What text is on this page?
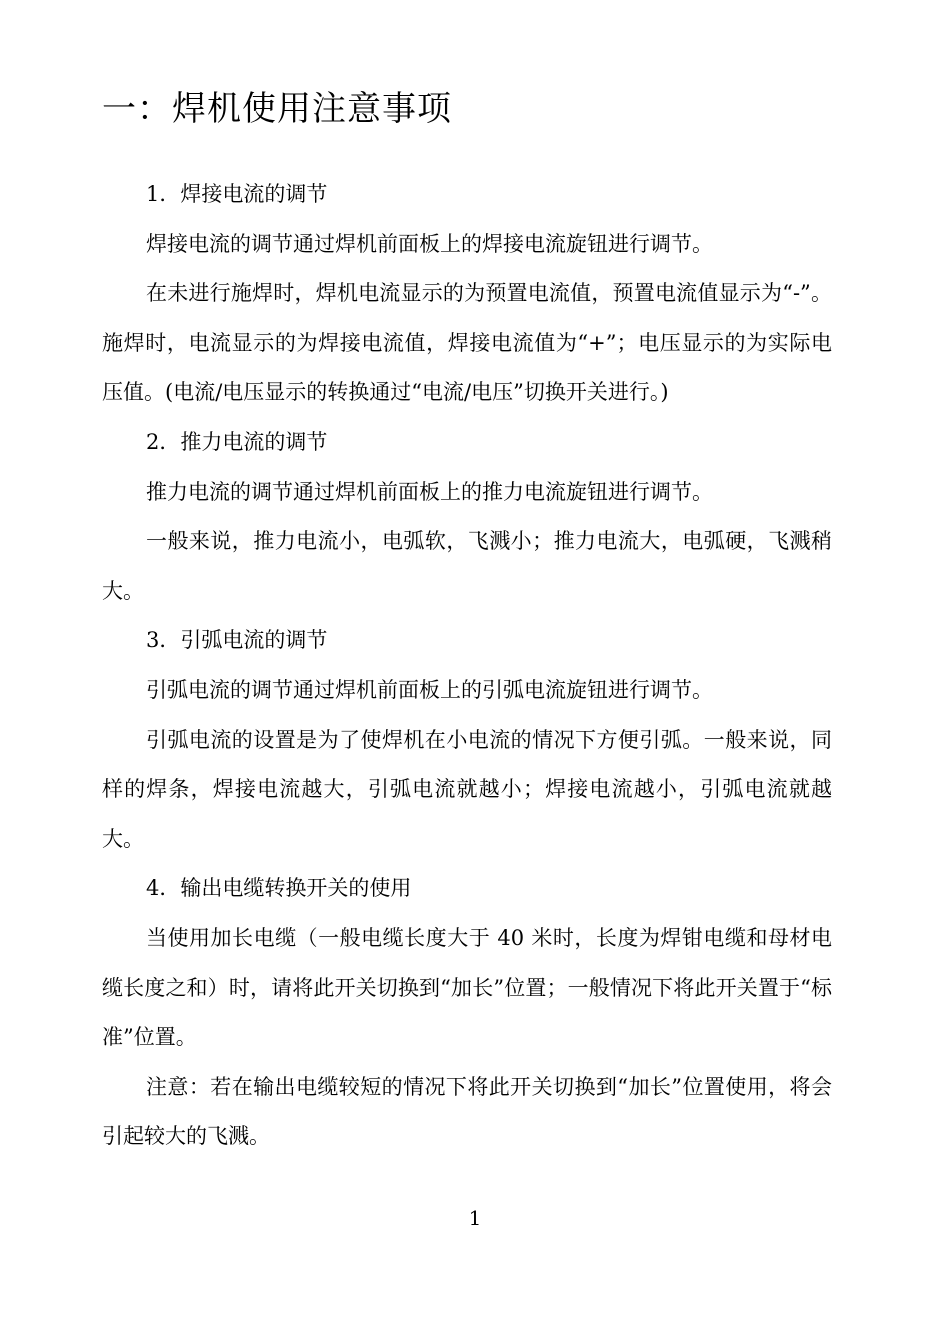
一：焊机使用注意事项

1．焊接电流的调节

焊接电流的调节通过焊机前面板上的焊接电流旋钮进行调节。

在未进行施焊时，焊机电流显示的为预置电流值，预置电流值显示为“-”。施焊时，电流显示的为焊接电流值，焊接电流值为“+”；电压显示的为实际电压值。(电流/电压显示的转换通过“电流/电压”切换开关进行。)

2．推力电流的调节

推力电流的调节通过焊机前面板上的推力电流旋钮进行调节。

一般来说，推力电流小，电弧软，飞溅小；推力电流大，电弧硬，飞溅稍大。

3．引弧电流的调节

引弧电流的调节通过焊机前面板上的引弧电流旋钮进行调节。

引弧电流的设置是为了使焊机在小电流的情况下方便引弧。一般来说，同样的焊条，焊接电流越大，引弧电流就越小；焊接电流越小，引弧电流就越大。

4．输出电缆转换开关的使用

当使用加长电缆（一般电缆长度大于 40 米时，长度为焊钳电缆和母材电缆长度之和）时，请将此开关切换到“加长”位置；一般情况下将此开关置于“标准”位置。

注意：若在输出电缆较短的情况下将此开关切换到“加长”位置使用，将会引起较大的飞溅。

1
